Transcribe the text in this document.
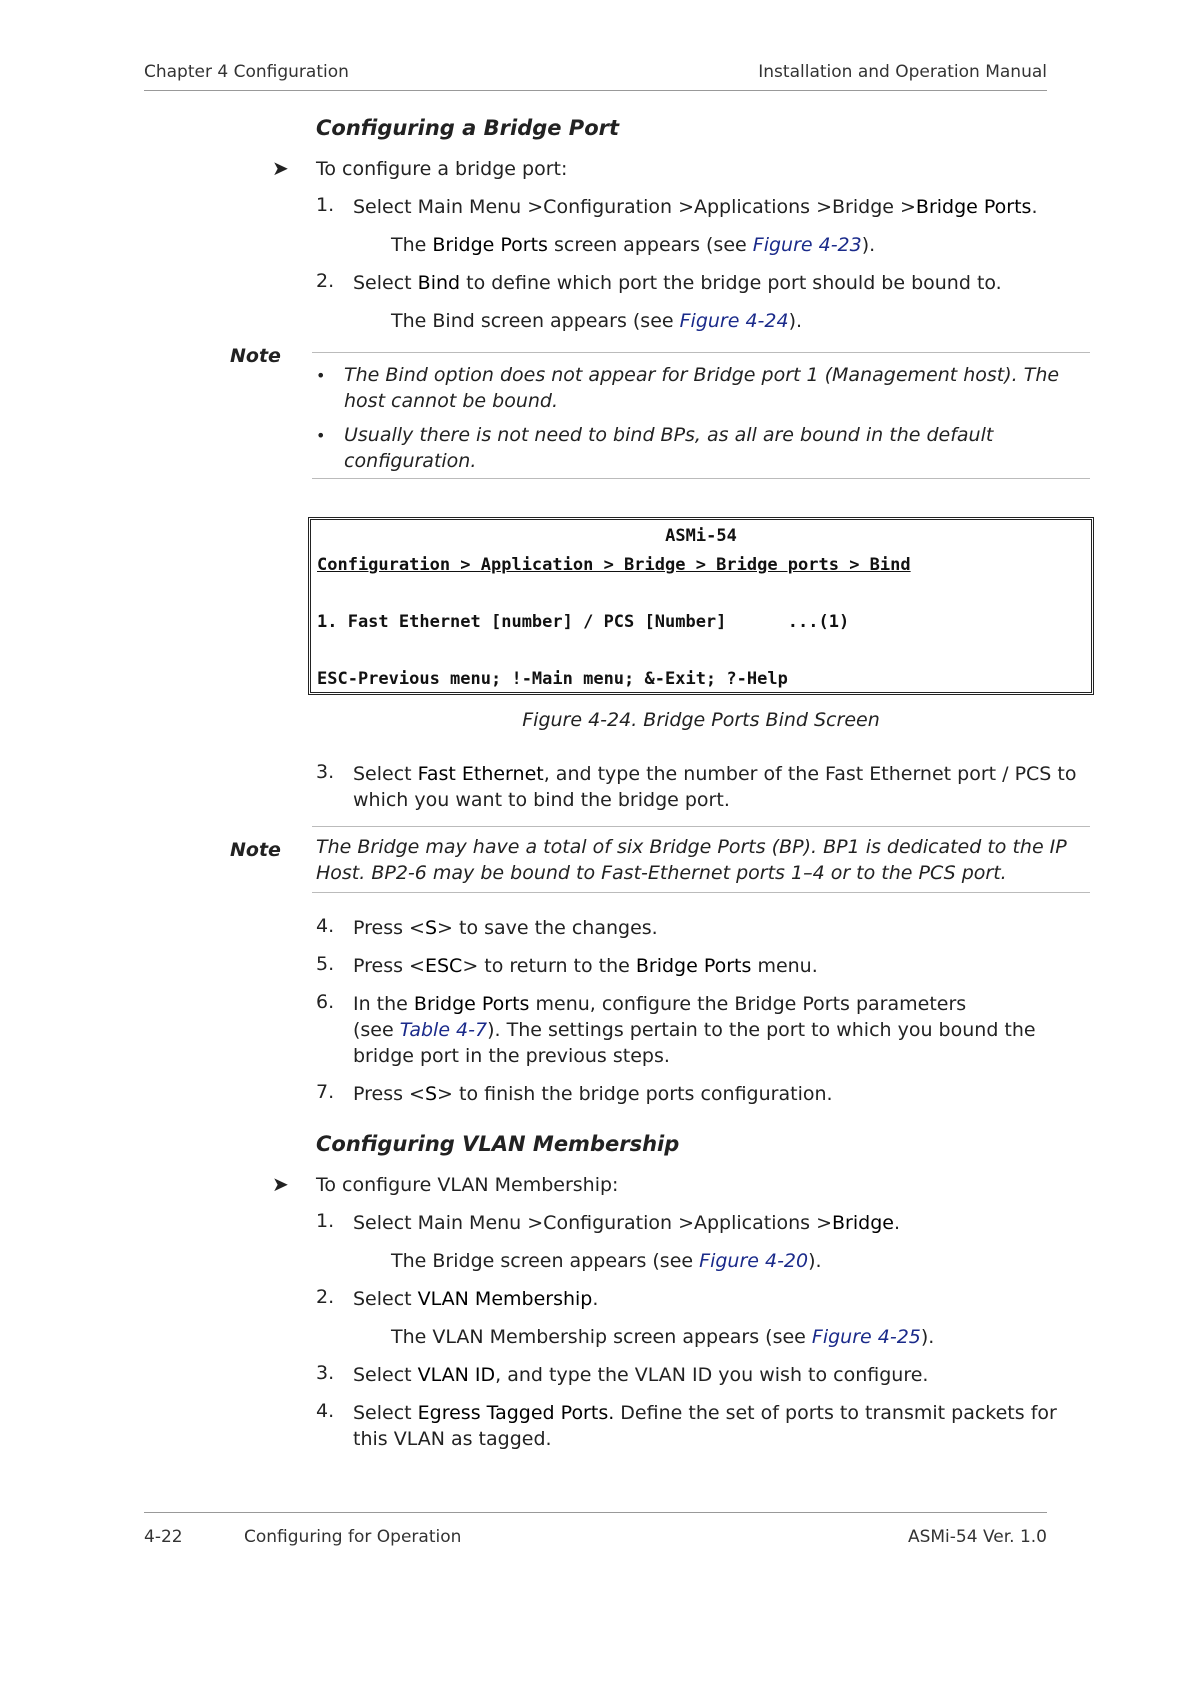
Chapter 4 Configuration	Installation and Operation Manual
Configuring a Bridge Port
➤ To configure a bridge port:
1. Select Main Menu >Configuration >Applications >Bridge >Bridge Ports.
The Bridge Ports screen appears (see Figure 4-23).
2. Select Bind to define which port the bridge port should be bound to.
The Bind screen appears (see Figure 4-24).
Note
• The Bind option does not appear for Bridge port 1 (Management host). The
host cannot be bound.
• Usually there is not need to bind BPs, as all are bound in the default
configuration.
ASMi-54
Configuration > Application > Bridge > Bridge ports > Bind
1. Fast Ethernet [number] / PCS [Number]      ...(1)
ESC-Previous menu; !-Main menu; &-Exit; ?-Help
Figure 4-24. Bridge Ports Bind Screen
3. Select Fast Ethernet, and type the number of the Fast Ethernet port / PCS to
which you want to bind the bridge port.
Note The Bridge may have a total of six Bridge Ports (BP). BP1 is dedicated to the IP
Host. BP2-6 may be bound to Fast-Ethernet ports 1–4 or to the PCS port.
4. Press <S> to save the changes.
5. Press <ESC> to return to the Bridge Ports menu.
6. In the Bridge Ports menu, configure the Bridge Ports parameters
(see Table 4-7). The settings pertain to the port to which you bound the
bridge port in the previous steps.
7. Press <S> to finish the bridge ports configuration.
Configuring VLAN Membership
➤ To configure VLAN Membership:
1. Select Main Menu >Configuration >Applications >Bridge.
The Bridge screen appears (see Figure 4-20).
2. Select VLAN Membership.
The VLAN Membership screen appears (see Figure 4-25).
3. Select VLAN ID, and type the VLAN ID you wish to configure.
4. Select Egress Tagged Ports. Define the set of ports to transmit packets for
this VLAN as tagged.
4-22	Configuring for Operation	ASMi-54 Ver. 1.0
